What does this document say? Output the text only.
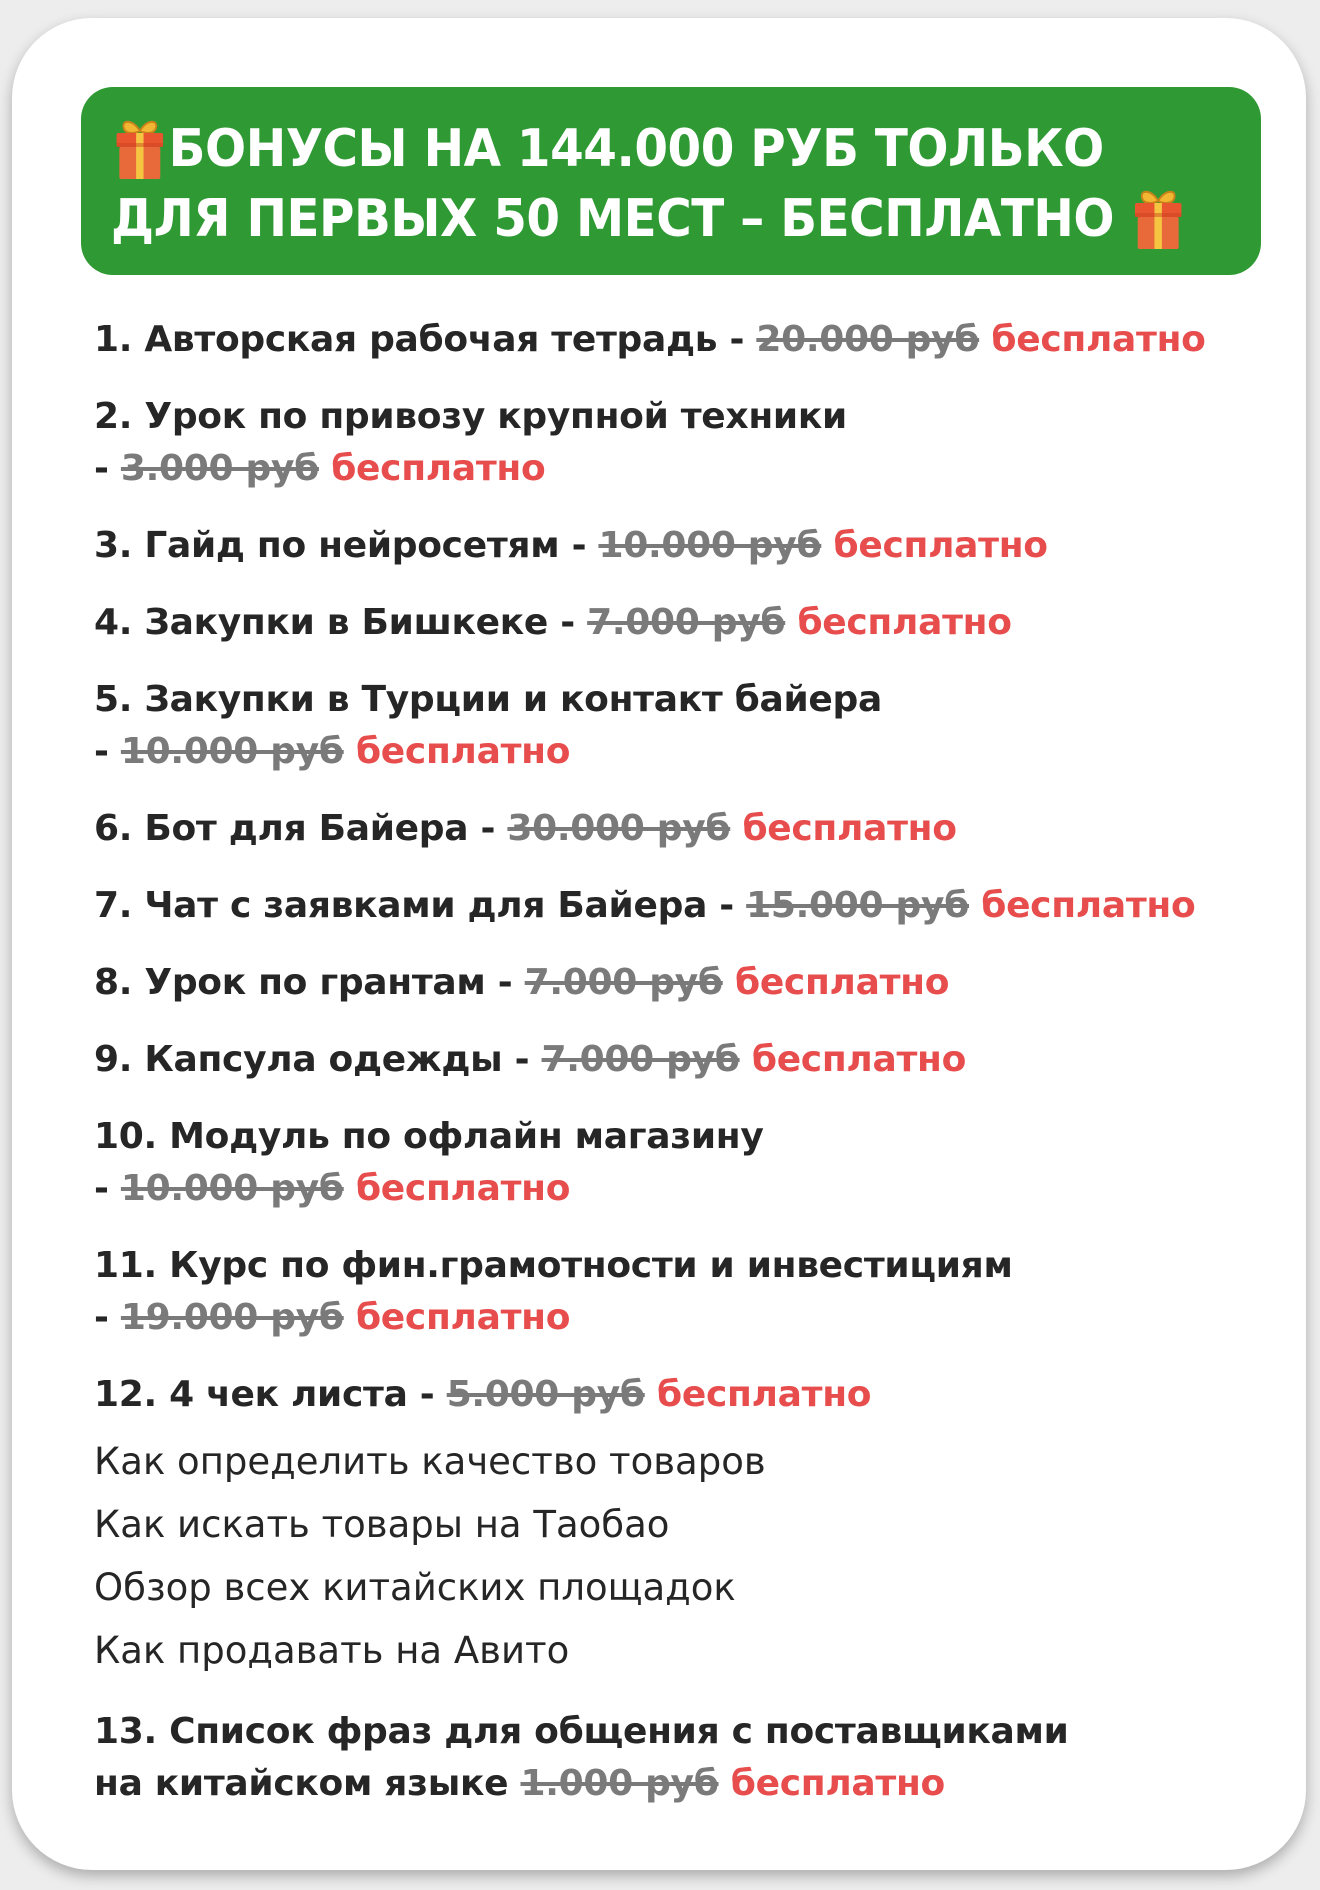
БОНУСЫ НА 144.000 РУБ ТОЛЬКО
ДЛЯ ПЕРВЫХ 50 МЕСТ – БЕСПЛАТНО
1. Авторская рабочая тетрадь - 20.000 руб бесплатно
2. Урок по привозу крупной техники
- 3.000 руб бесплатно
3. Гайд по нейросетям - 10.000 руб бесплатно
4. Закупки в Бишкеке - 7.000 руб бесплатно
5. Закупки в Турции и контакт байера
- 10.000 руб бесплатно
6. Бот для Байера - 30.000 руб бесплатно
7. Чат с заявками для Байера - 15.000 руб бесплатно
8. Урок по грантам - 7.000 руб бесплатно
9. Капсула одежды - 7.000 руб бесплатно
10. Модуль по офлайн магазину
- 10.000 руб бесплатно
11. Курс по фин.грамотности и инвестициям
- 19.000 руб бесплатно
12. 4 чек листа - 5.000 руб бесплатно
Как определить качество товаров
Как искать товары на Таобао
Обзор всех китайских площадок
Как продавать на Авито
13. Список фраз для общения с поставщиками
на китайском языке 1.000 руб бесплатно
